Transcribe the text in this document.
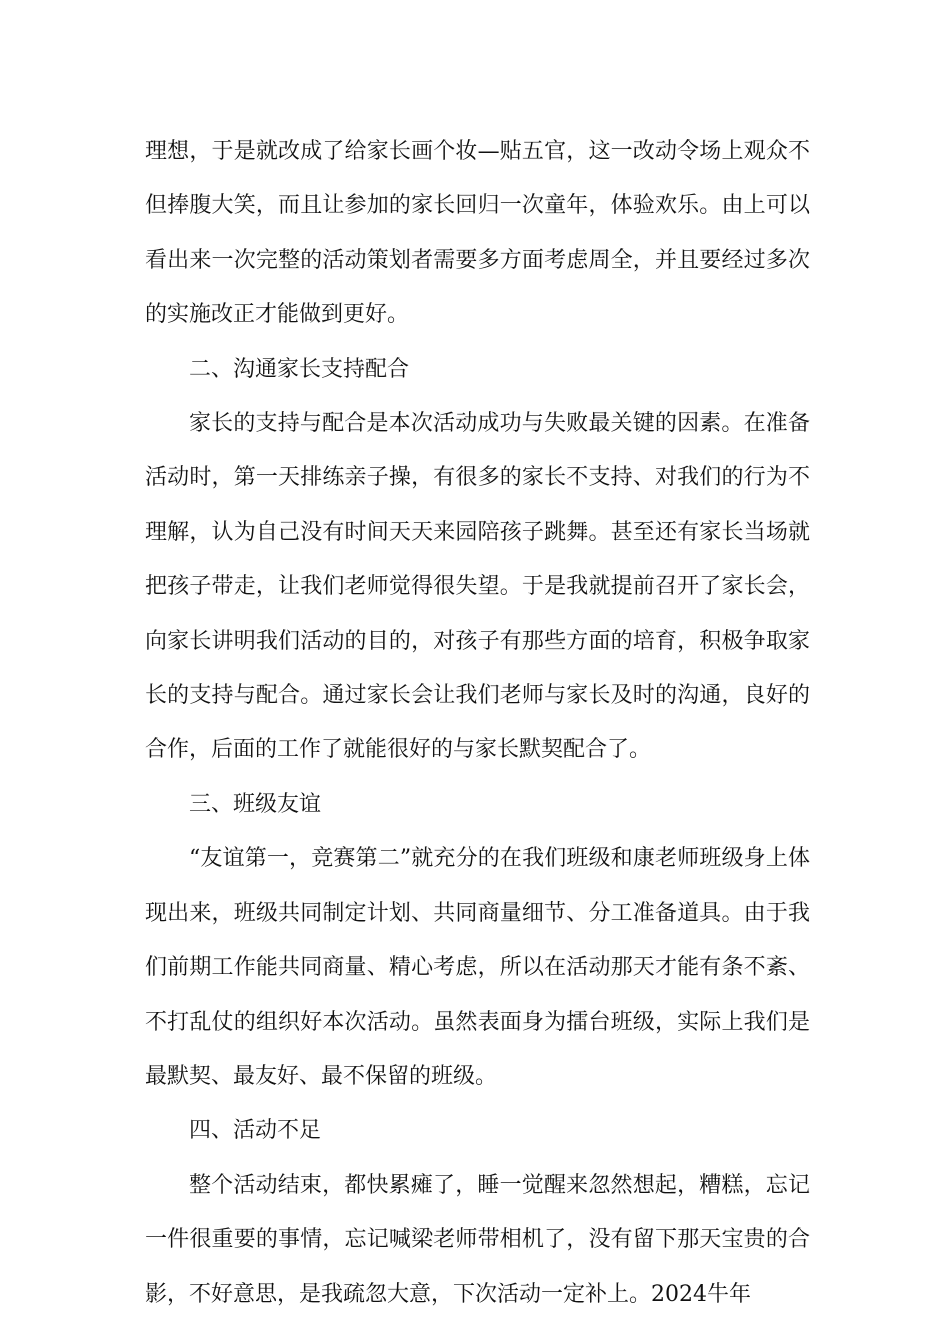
理想，于是就改成了给家长画个妆—贴五官，这一改动令场上观众不但捧腹大笑，而且让参加的家长回归一次童年，体验欢乐。由上可以看出来一次完整的活动策划者需要多方面考虑周全，并且要经过多次的实施改正才能做到更好。

二、沟通家长支持配合

家长的支持与配合是本次活动成功与失败最关键的因素。在准备活动时，第一天排练亲子操，有很多的家长不支持、对我们的行为不理解，认为自己没有时间天天来园陪孩子跳舞。甚至还有家长当场就把孩子带走，让我们老师觉得很失望。于是我就提前召开了家长会，向家长讲明我们活动的目的，对孩子有那些方面的培育，积极争取家长的支持与配合。通过家长会让我们老师与家长及时的沟通，良好的合作，后面的工作了就能很好的与家长默契配合了。

三、班级友谊

“友谊第一，竞赛第二”就充分的在我们班级和康老师班级身上体现出来，班级共同制定计划、共同商量细节、分工准备道具。由于我们前期工作能共同商量、精心考虑，所以在活动那天才能有条不紊、不打乱仗的组织好本次活动。虽然表面身为擂台班级，实际上我们是最默契、最友好、最不保留的班级。

四、活动不足

整个活动结束，都快累瘫了，睡一觉醒来忽然想起，糟糕，忘记一件很重要的事情，忘记喊梁老师带相机了，没有留下那天宝贵的合影，不好意思，是我疏忽大意，下次活动一定补上。2024牛年
